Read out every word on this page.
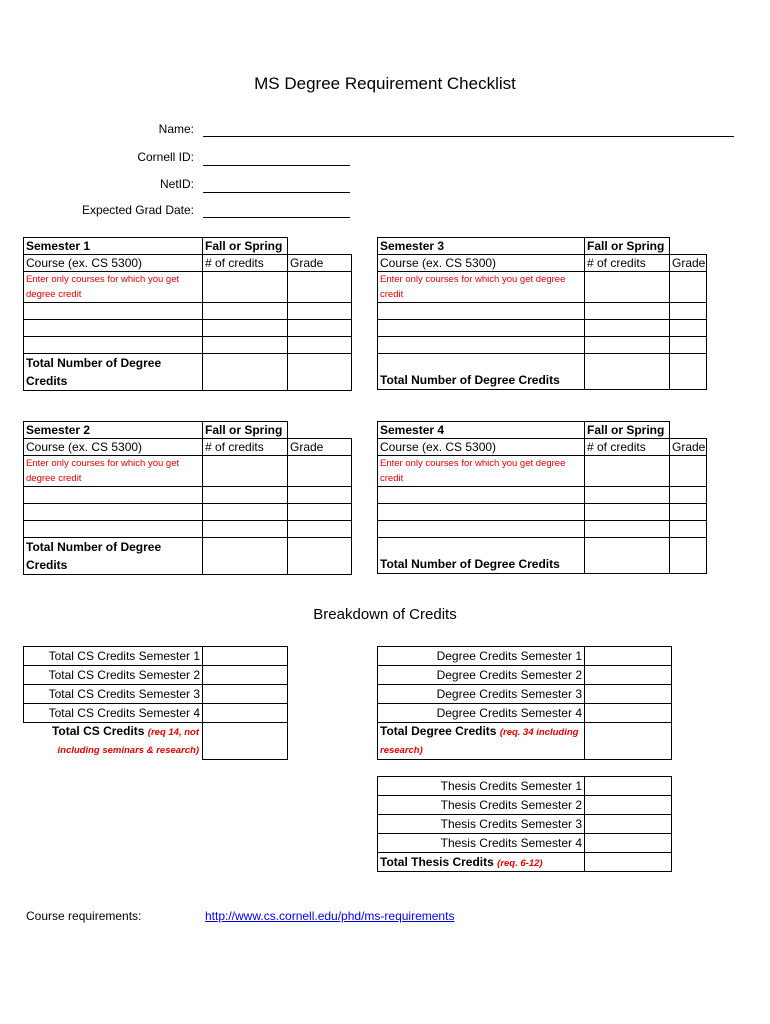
MS Degree Requirement Checklist
Name:
Cornell ID:
NetID:
Expected Grad Date:
Semester 1	Fall or Spring	
Course (ex. CS 5300)	# of credits	Grade
Enter only courses for which you get degree credit		

Total Number of Degree Credits		
Semester 3	Fall or Spring	
Course (ex. CS 5300)	# of credits	Grade
Enter only courses for which you get degree credit		

Total Number of Degree Credits		
Semester 2	Fall or Spring	
Course (ex. CS 5300)	# of credits	Grade
Enter only courses for which you get degree credit		

Total Number of Degree Credits		
Semester 4	Fall or Spring	
Course (ex. CS 5300)	# of credits	Grade
Enter only courses for which you get degree credit		

Total Number of Degree Credits		
Breakdown of Credits
Total CS Credits Semester 1	
Total CS Credits Semester 2	
Total CS Credits Semester 3	
Total CS Credits Semester 4	
Total CS Credits (req 14, not including seminars & research)	
Degree Credits Semester 1	
Degree Credits Semester 2	
Degree Credits Semester 3	
Degree Credits Semester 4	
Total Degree Credits (req. 34 including research)	
Thesis Credits Semester 1	
Thesis Credits Semester 2	
Thesis Credits Semester 3	
Thesis Credits Semester 4	
Total Thesis Credits (req. 6-12)	
Course requirements:	http://www.cs.cornell.edu/phd/ms-requirements
